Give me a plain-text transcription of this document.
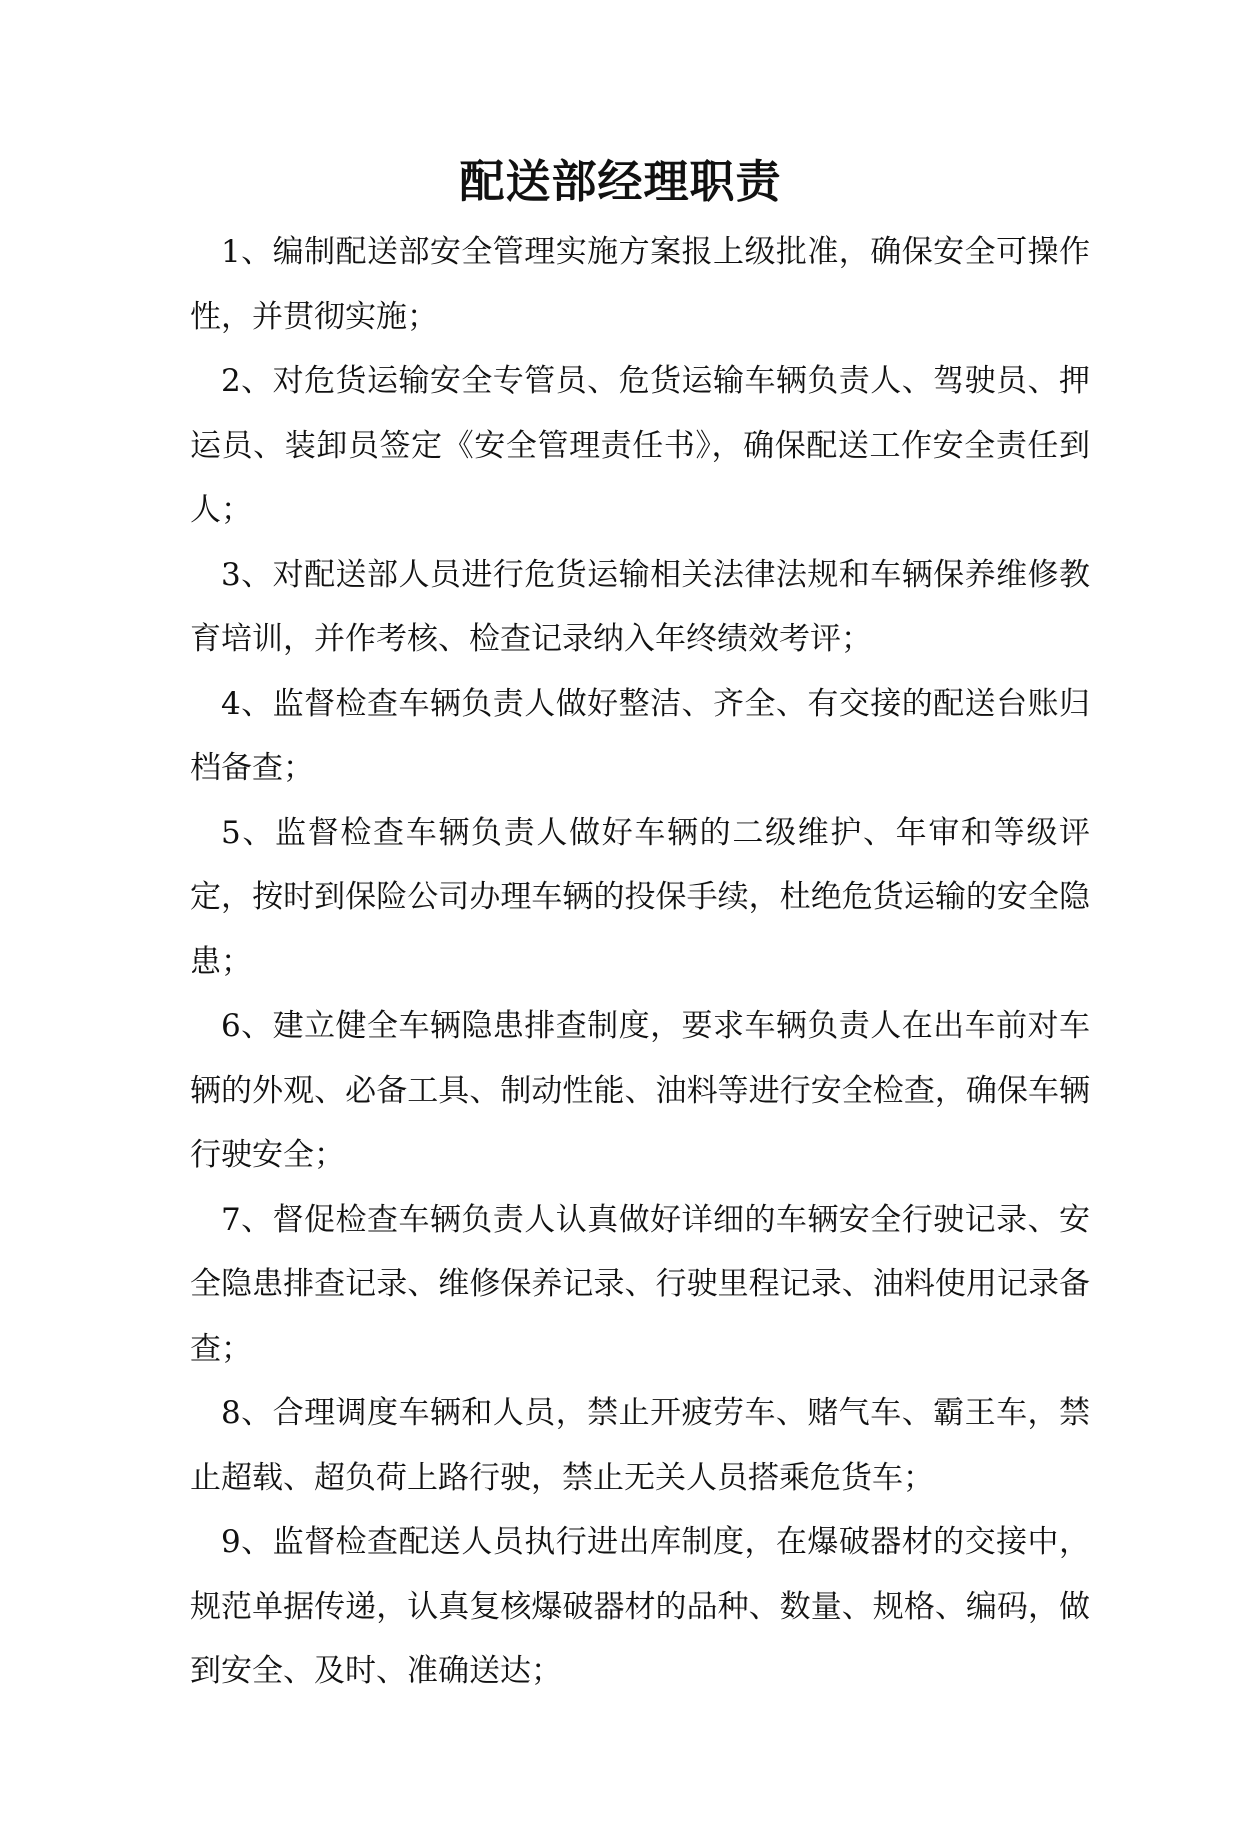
配送部经理职责

1、编制配送部安全管理实施方案报上级批准，确保安全可操作性，并贯彻实施；

2、对危货运输安全专管员、危货运输车辆负责人、驾驶员、押运员、装卸员签定《安全管理责任书》，确保配送工作安全责任到人；

3、对配送部人员进行危货运输相关法律法规和车辆保养维修教育培训，并作考核、检查记录纳入年终绩效考评；

4、监督检查车辆负责人做好整洁、齐全、有交接的配送台账归档备查；

5、监督检查车辆负责人做好车辆的二级维护、年审和等级评定，按时到保险公司办理车辆的投保手续，杜绝危货运输的安全隐患；

6、建立健全车辆隐患排查制度，要求车辆负责人在出车前对车辆的外观、必备工具、制动性能、油料等进行安全检查，确保车辆行驶安全；

7、督促检查车辆负责人认真做好详细的车辆安全行驶记录、安全隐患排查记录、维修保养记录、行驶里程记录、油料使用记录备查；

8、合理调度车辆和人员，禁止开疲劳车、赌气车、霸王车，禁止超载、超负荷上路行驶，禁止无关人员搭乘危货车；

9、监督检查配送人员执行进出库制度，在爆破器材的交接中，规范单据传递，认真复核爆破器材的品种、数量、规格、编码，做到安全、及时、准确送达；
